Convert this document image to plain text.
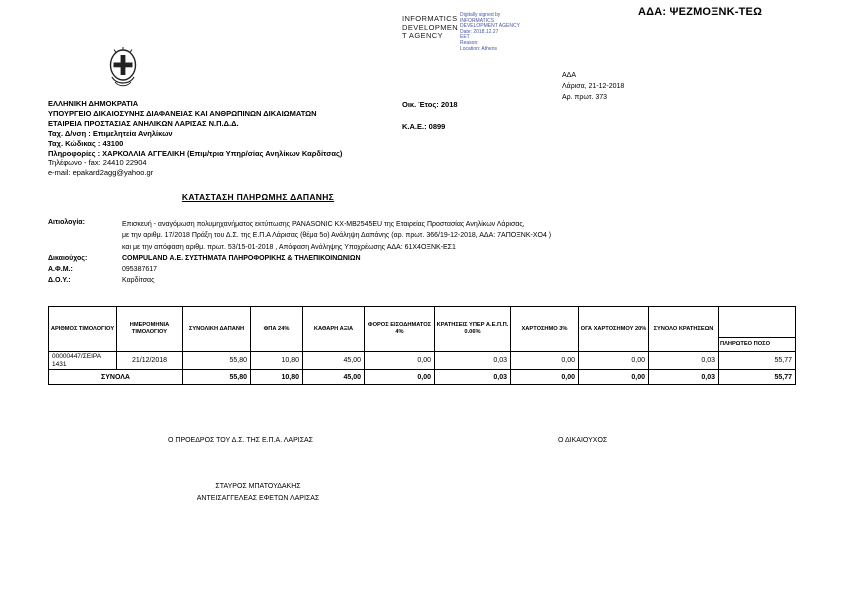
ΑΔΑ: ΨΕΖΜΟΞΝΚ-ΤΕΩ
INFORMATICS
DEVELOPMEN
T AGENCY
Digitally signed by
INFORMATICS
DEVELOPMENT AGENCY
Date: 2018.12.27
EET
Reason:
Location: Athens
ΑΔΑ
Λάρισα, 21-12-2018
Αρ. πρωτ. 373
ΕΛΛΗΝΙΚΗ ΔΗΜΟΚΡΑΤΙΑ
ΥΠΟΥΡΓΕΙΟ ΔΙΚΑΙΟΣΥΝΗΣ ΔΙΑΦΑΝΕΙΑΣ ΚΑΙ ΑΝΘΡΩΠΙΝΩΝ ΔΙΚΑΙΩΜΑΤΩΝ
ΕΤΑΙΡΕΙΑ ΠΡΟΣΤΑΣΙΑΣ ΑΝΗΛΙΚΩΝ ΛΑΡΙΣΑΣ Ν.Π.Δ.Δ.
Ταχ. Δ/νση : Επιμελητεία Ανηλίκων
Ταχ. Κώδικας : 43100
Πληροφορίες : ΧΑΡΚΟΛΛΙΑ ΑΓΓΕΛΙΚΗ (Επιμ/τρια Υπηρ/σίας Ανηλίκων Καρδίτσας)
Τηλέφωνο - fax: 24410 22904
e-mail: epakard2agg@yahoo.gr
Οικ. Έτος: 2018
Κ.Α.Ε.: 0899
ΚΑΤΑΣΤΑΣΗ ΠΛΗΡΩΜΗΣ ΔΑΠΑΝΗΣ
Αιτιολογία:	Επισκευή - αναγόμωση πολυμηχανήματος εκτύπωσης PANASONIC KX-MB2545EU της Εταιρείας Προστασίας Ανηλίκων Λάρισας,
με την αριθμ. 17/2018 Πράξη του Δ.Σ. της Ε.Π.Α Λάρισας (θέμα 5ο) Ανάληψη Δαπάνης (αρ. πρωτ. 366/19-12-2018, ΑΔΑ: 7ΑΠΟΞΝΚ-ΧΟ4 )
και με την απόφαση αριθμ. πρωτ. 53/15-01-2018 , Απόφαση Ανάληψης Υποχρέωσης ΑΔΑ: 61Χ4ΟΞΝΚ-ΕΣ1
Δικαιούχος:	COMPULAND Α.Ε. ΣΥΣΤΗΜΑΤΑ ΠΛΗΡΟΦΟΡΙΚΗΣ & ΤΗΛΕΠΙΚΟΙΝΩΝΙΩΝ
Α.Φ.Μ.:	095387617
Δ.Ο.Υ.:	Καρδίτσας
ΑΡΙΘΜΟΣ ΤΙΜΟΛΟΓΙΟΥ	ΗΜΕΡΟΜΗΝΙΑ ΤΙΜΟΛΟΓΙΟΥ	ΣΥΝΟΛΙΚΗ ΔΑΠΑΝΗ	ΦΠΑ 24%	ΚΑΘΑΡΗ ΑΞΙΑ	ΦΟΡΟΣ ΕΙΣΟΔΗΜΑΤΟΣ 4%	ΚΡΑΤΗΣΕΙΣ ΥΠΕΡ Α.Ε.Π.Π. 0.06%	ΧΑΡΤΟΣΗΜΟ 3%	ΟΓΑ ΧΑΡΤΟΣΗΜΟΥ 20%	ΣΥΝΟΛΟ ΚΡΑΤΗΣΕΩΝ	ΠΛΗΡΩΤΕΟ ΠΟΣΟ

00000447/ΣΕΙΡΑ 1431	21/12/2018	55,80	10,80	45,00	0,00	0,03	0,00	0,00	0,03	55,77
ΣΥΝΟΛΑ		55,80	10,80	45,00	0,00	0,03	0,00	0,00	0,03	55,77
Ο ΠΡΟΕΔΡΟΣ ΤΟΥ Δ.Σ. ΤΗΣ Ε.Π.Α. ΛΑΡΙΣΑΣ	Ο ΔΙΚΑΙΟΥΧΟΣ
ΣΤΑΥΡΟΣ ΜΠΑΤΟΥΔΑΚΗΣ
ΑΝΤΕΙΣΑΓΓΕΛΕΑΣ ΕΦΕΤΩΝ ΛΑΡΙΣΑΣ
